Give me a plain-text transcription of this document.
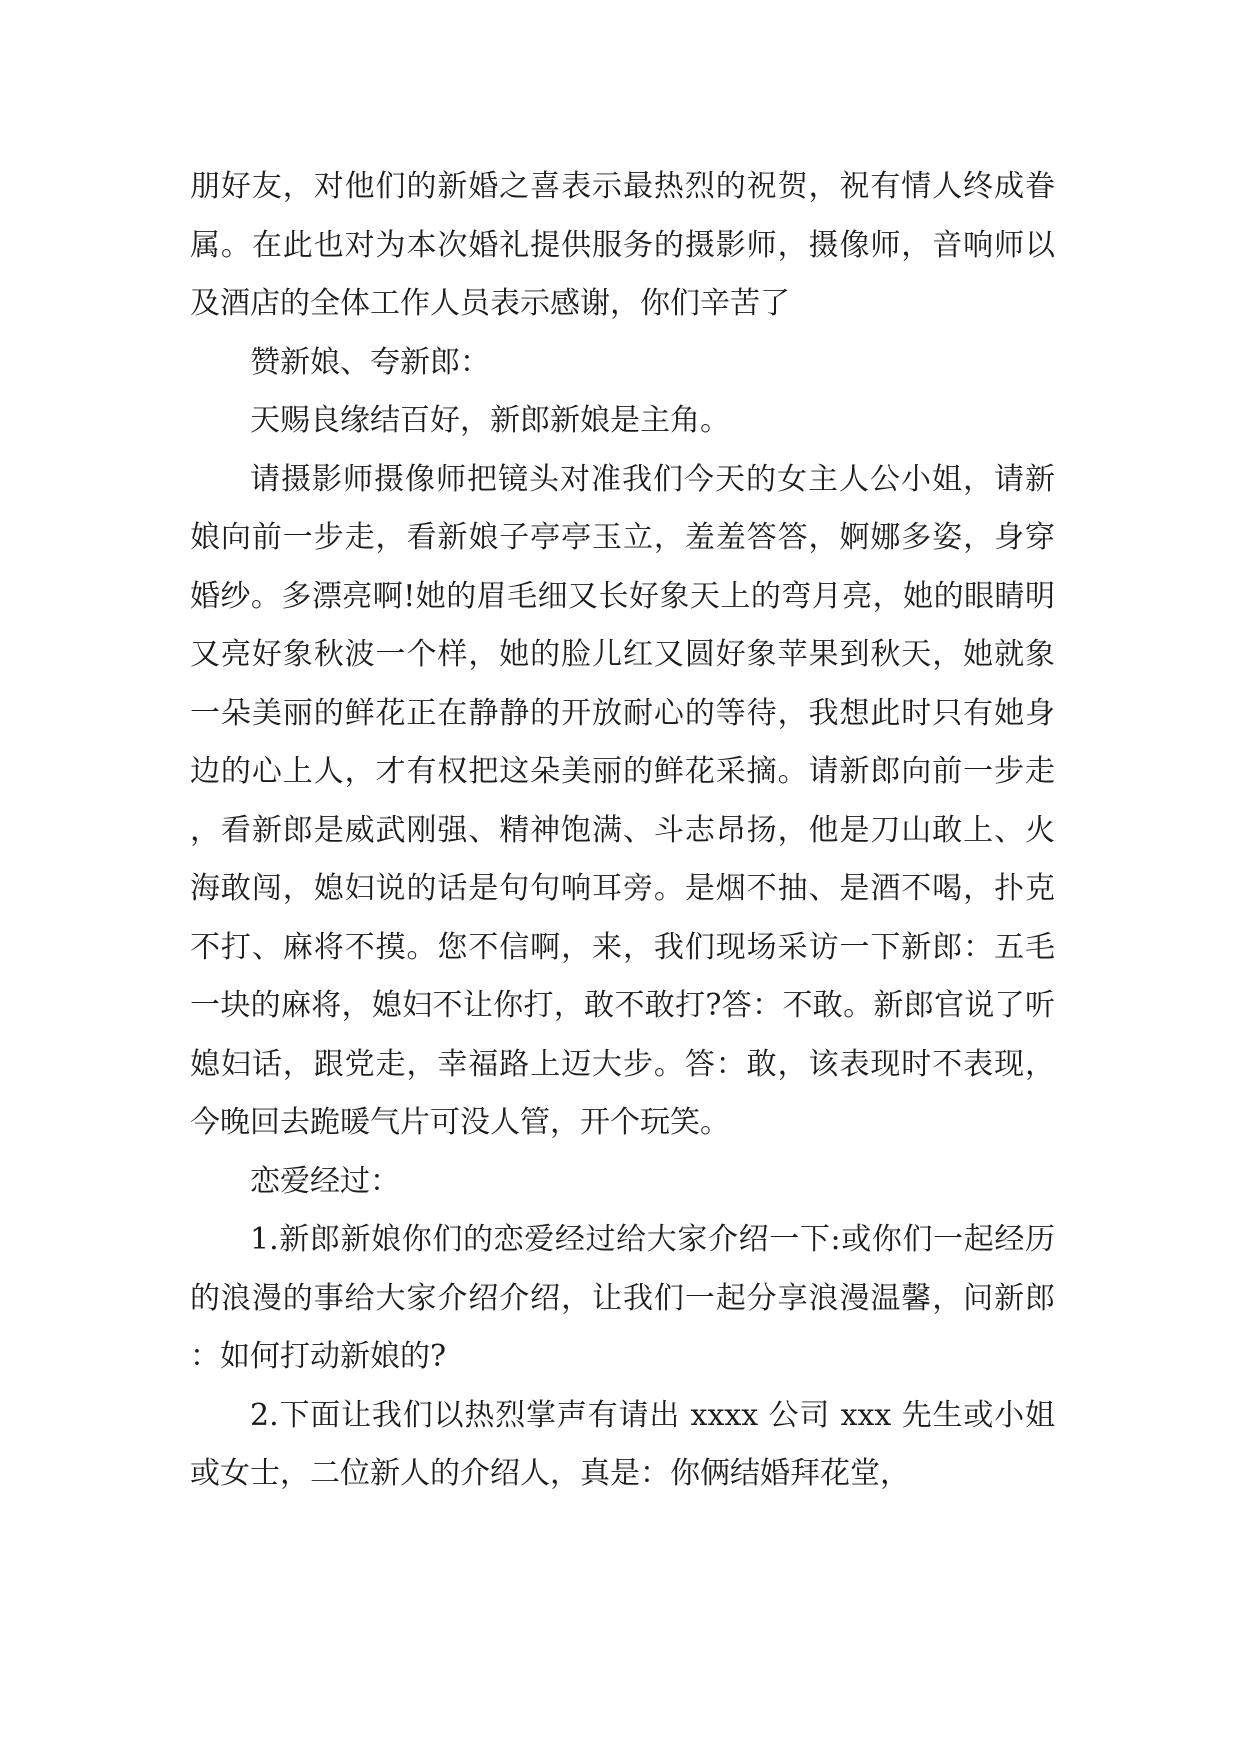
朋好友，对他们的新婚之喜表示最热烈的祝贺，祝有情人终成眷属。在此也对为本次婚礼提供服务的摄影师，摄像师，音响师以及酒店的全体工作人员表示感谢，你们辛苦了

赞新娘、夸新郎：

天赐良缘结百好，新郎新娘是主角。

请摄影师摄像师把镜头对准我们今天的女主人公小姐，请新娘向前一步走，看新娘子亭亭玉立，羞羞答答，婀娜多姿，身穿婚纱。多漂亮啊!她的眉毛细又长好象天上的弯月亮，她的眼睛明又亮好象秋波一个样，她的脸儿红又圆好象苹果到秋天，她就象一朵美丽的鲜花正在静静的开放耐心的等待，我想此时只有她身边的心上人，才有权把这朵美丽的鲜花采摘。请新郎向前一步走，看新郎是威武刚强、精神饱满、斗志昂扬，他是刀山敢上、火海敢闯，媳妇说的话是句句响耳旁。是烟不抽、是酒不喝，扑克不打、麻将不摸。您不信啊，来，我们现场采访一下新郎：五毛一块的麻将，媳妇不让你打，敢不敢打?答：不敢。新郎官说了听媳妇话，跟党走，幸福路上迈大步。答：敢，该表现时不表现，今晚回去跪暖气片可没人管，开个玩笑。

恋爱经过：

1.新郎新娘你们的恋爱经过给大家介绍一下:或你们一起经历的浪漫的事给大家介绍介绍，让我们一起分享浪漫温馨，问新郎：如何打动新娘的?

2.下面让我们以热烈掌声有请出 xxxx 公司 xxx 先生或小姐或女士，二位新人的介绍人，真是：你俩结婚拜花堂，
